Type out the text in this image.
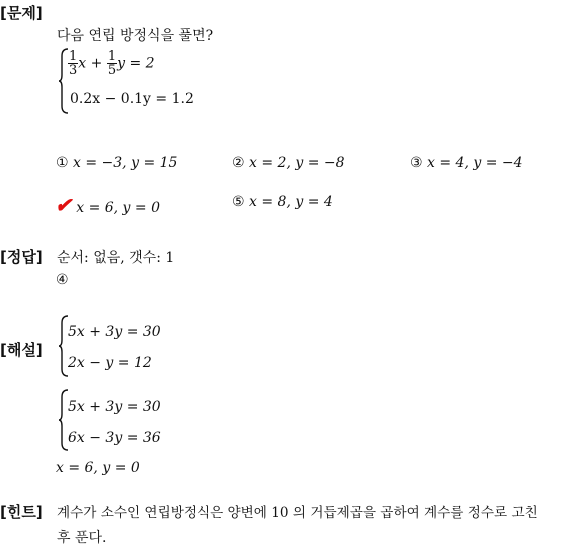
[문제]
다음 연립 방정식을 풀면?
$\frac{1}{3}$ $x + \frac{1}{5}$ y = 2
0.2x − 0.1y = 1.2
① x = −3, y = 15	② x = 2, y = −8	③ x = 4, y = −4
✔ x = 6, y = 0	⑤ x = 8, y = 4
[정답] 순서: 없음, 갯수: 1
④
[해설]
5x + 3y = 30
2x − y = 12
5x + 3y = 30
6x − 3y = 36
x = 6, y = 0
[힌트] 계수가 소수인 연립방정식은 양변에 10 의 거듭제곱을 곱하여 계수를 정수로 고친
후 푼다.
